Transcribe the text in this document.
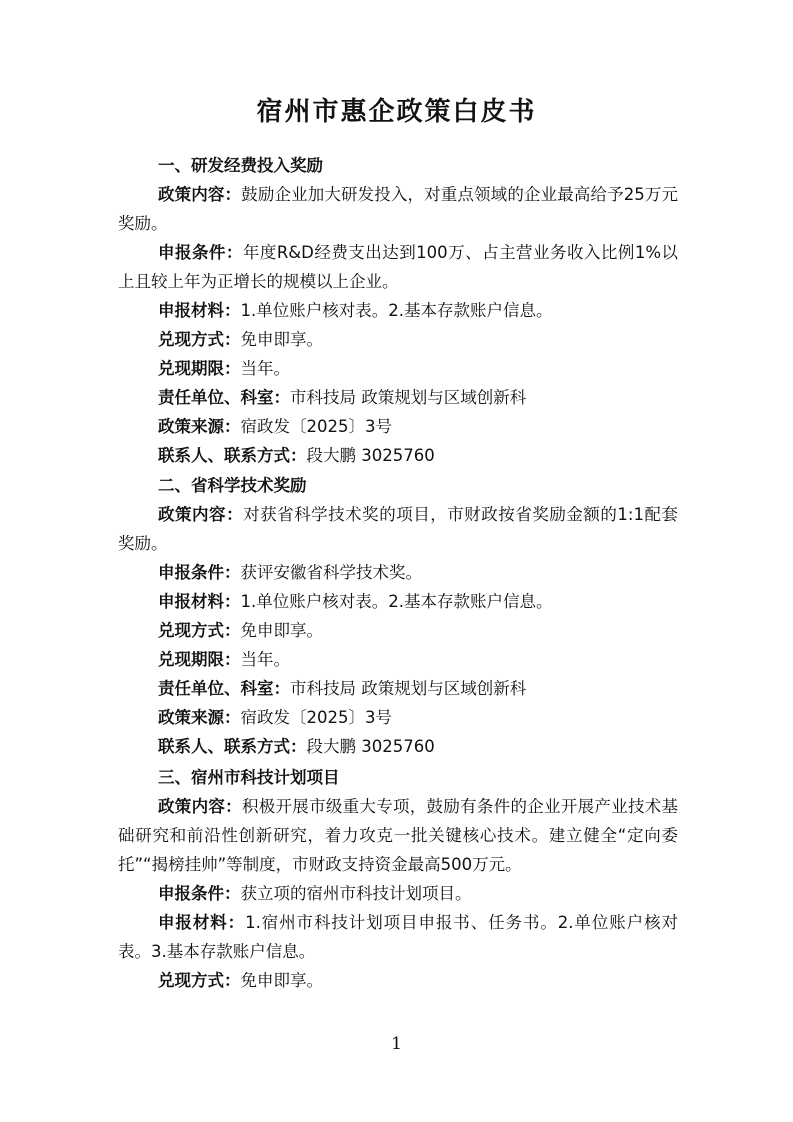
宿州市惠企政策白皮书

一、研发经费投入奖励

政策内容：鼓励企业加大研发投入，对重点领域的企业最高给予25万元奖励。

申报条件：年度R&D经费支出达到100万、占主营业务收入比例1%以上且较上年为正增长的规模以上企业。

申报材料：1.单位账户核对表。2.基本存款账户信息。

兑现方式：免申即享。

兑现期限：当年。

责任单位、科室：市科技局 政策规划与区域创新科

政策来源：宿政发〔2025〕3号

联系人、联系方式：段大鹏 3025760

二、省科学技术奖励

政策内容：对获省科学技术奖的项目，市财政按省奖励金额的1:1配套奖励。

申报条件：获评安徽省科学技术奖。

申报材料：1.单位账户核对表。2.基本存款账户信息。

兑现方式：免申即享。

兑现期限：当年。

责任单位、科室：市科技局 政策规划与区域创新科

政策来源：宿政发〔2025〕3号

联系人、联系方式：段大鹏 3025760

三、宿州市科技计划项目

政策内容：积极开展市级重大专项，鼓励有条件的企业开展产业技术基础研究和前沿性创新研究，着力攻克一批关键核心技术。建立健全“定向委托”“揭榜挂帅”等制度，市财政支持资金最高500万元。

申报条件：获立项的宿州市科技计划项目。

申报材料：1.宿州市科技计划项目申报书、任务书。2.单位账户核对表。3.基本存款账户信息。

兑现方式：免申即享。

1
